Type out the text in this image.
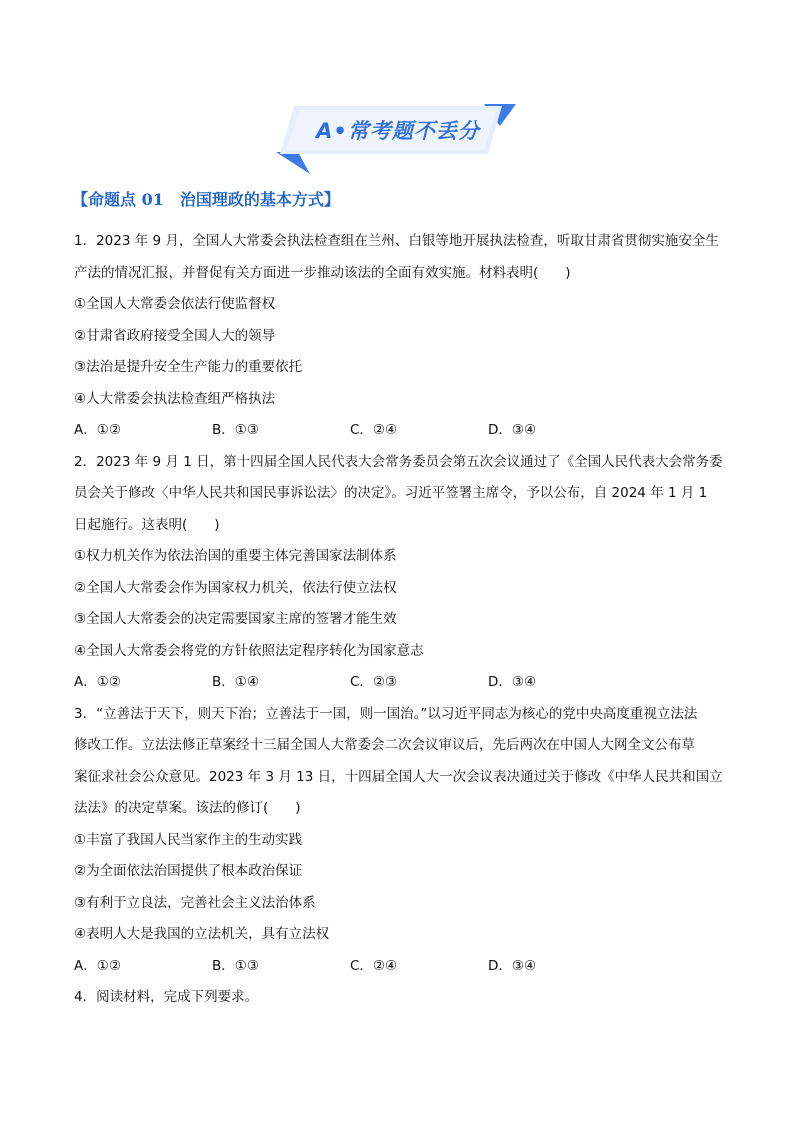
A•常考题不丢分
【命题点 01　治国理政的基本方式】
1．2023 年 9 月，全国人大常委会执法检查组在兰州、白银等地开展执法检查，听取甘肃省贯彻实施安全生
产法的情况汇报，并督促有关方面进一步推动该法的全面有效实施。材料表明(　　)
①全国人大常委会依法行使监督权
②甘肃省政府接受全国人大的领导
③法治是提升安全生产能力的重要依托
④人大常委会执法检查组严格执法
A．①②	B．①③	C．②④	D．③④
2．2023 年 9 月 1 日，第十四届全国人民代表大会常务委员会第五次会议通过了《全国人民代表大会常务委
员会关于修改〈中华人民共和国民事诉讼法〉的决定》。习近平签署主席令，予以公布，自 2024 年 1 月 1
日起施行。这表明(　　)
①权力机关作为依法治国的重要主体完善国家法制体系
②全国人大常委会作为国家权力机关，依法行使立法权
③全国人大常委会的决定需要国家主席的签署才能生效
④全国人大常委会将党的方针依照法定程序转化为国家意志
A．①②	B．①④	C．②③	D．③④
3．“立善法于天下，则天下治；立善法于一国，则一国治。”以习近平同志为核心的党中央高度重视立法法
修改工作。立法法修正草案经十三届全国人大常委会二次会议审议后，先后两次在中国人大网全文公布草
案征求社会公众意见。2023 年 3 月 13 日，十四届全国人大一次会议表决通过关于修改《中华人民共和国立
法法》的决定草案。该法的修订(　　)
①丰富了我国人民当家作主的生动实践
②为全面依法治国提供了根本政治保证
③有利于立良法，完善社会主义法治体系
④表明人大是我国的立法机关，具有立法权
A．①②	B．①③	C．②④	D．③④
4．阅读材料，完成下列要求。
